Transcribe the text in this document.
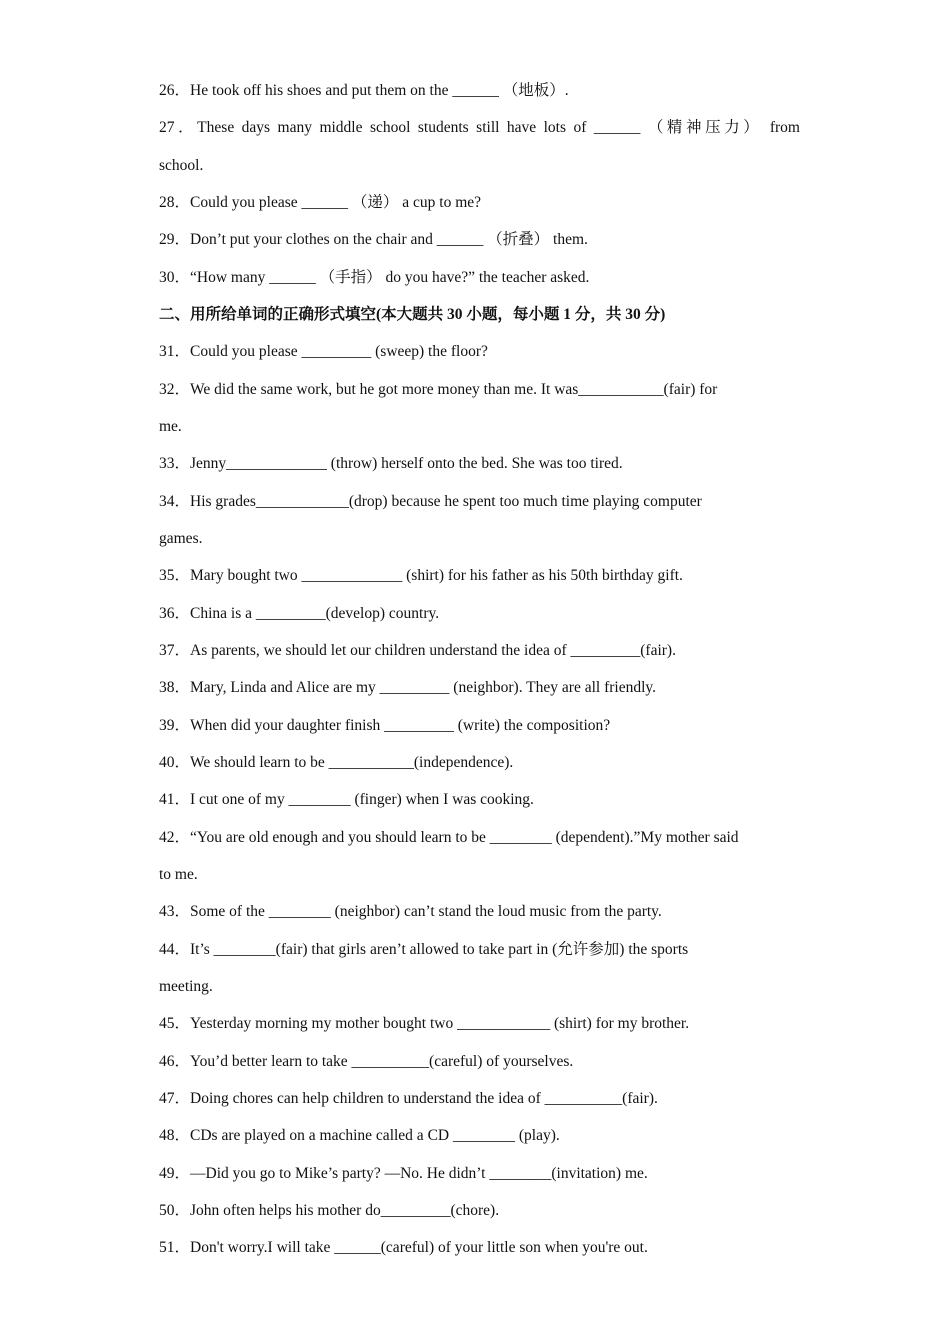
26．He took off his shoes and put them on the ______ （地板）.
27．These days many middle school students still have lots of ______ （精神压力） from
school.
28．Could you please ______ （递） a cup to me?
29．Don’t put your clothes on the chair and ______ （折叠） them.
30．“How many ______ （手指） do you have?” the teacher asked.
二、用所给单词的正确形式填空(本大题共 30 小题，每小题 1 分，共 30 分)
31．Could you please _________ (sweep) the floor?
32．We did the same work, but he got more money than me. It was___________(fair) for
me.
33．Jenny_____________ (throw) herself onto the bed. She was too tired.
34．His grades____________(drop) because he spent too much time playing computer
games.
35．Mary bought two _____________ (shirt) for his father as his 50th birthday gift.
36．China is a _________(develop) country.
37．As parents, we should let our children understand the idea of _________(fair).
38．Mary, Linda and Alice are my _________ (neighbor). They are all friendly.
39．When did your daughter finish _________ (write) the composition?
40．We should learn to be ___________(independence).
41．I cut one of my ________ (finger) when I was cooking.
42．“You are old enough and you should learn to be ________ (dependent).”My mother said
to me.
43．Some of the ________ (neighbor) can’t stand the loud music from the party.
44．It’s ________(fair) that girls aren’t allowed to take part in (允许参加) the sports
meeting.
45．Yesterday morning my mother bought two ____________ (shirt) for my brother.
46．You’d better learn to take __________(careful) of yourselves.
47．Doing chores can help children to understand the idea of __________(fair).
48．CDs are played on a machine called a CD ________ (play).
49．—Did you go to Mike’s party? —No. He didn’t ________(invitation) me.
50．John often helps his mother do_________(chore).
51．Don't worry.I will take ______(careful) of your little son when you're out.
